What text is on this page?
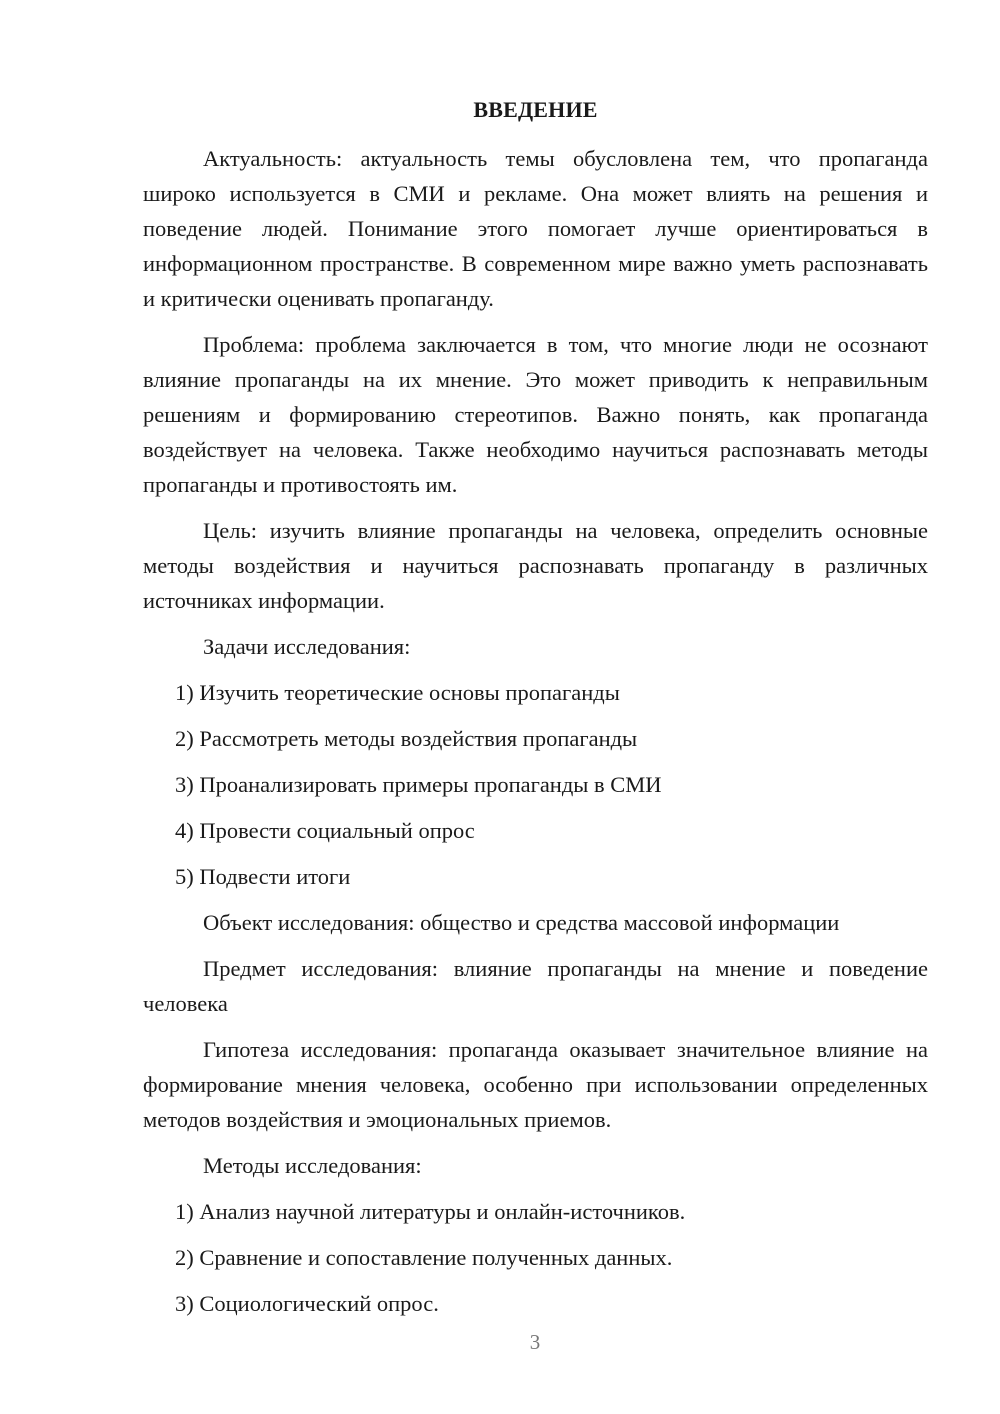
ВВЕДЕНИЕ

Актуальность: актуальность темы обусловлена тем, что пропаганда широко используется в СМИ и рекламе. Она может влиять на решения и поведение людей. Понимание этого помогает лучше ориентироваться в информационном пространстве. В современном мире важно уметь распознавать и критически оценивать пропаганду.

Проблема: проблема заключается в том, что многие люди не осознают влияние пропаганды на их мнение. Это может приводить к неправильным решениям и формированию стереотипов. Важно понять, как пропаганда воздействует на человека. Также необходимо научиться распознавать методы пропаганды и противостоять им.

Цель: изучить влияние пропаганды на человека, определить основные методы воздействия и научиться распознавать пропаганду в различных источниках информации.

Задачи исследования:

1) Изучить теоретические основы пропаганды

2) Рассмотреть методы воздействия пропаганды

3) Проанализировать примеры пропаганды в СМИ

4) Провести социальный опрос

5) Подвести итоги

Объект исследования: общество и средства массовой информации

Предмет исследования: влияние пропаганды на мнение и поведение человека

Гипотеза исследования: пропаганда оказывает значительное влияние на формирование мнения человека, особенно при использовании определенных методов воздействия и эмоциональных приемов.

Методы исследования:

1) Анализ научной литературы и онлайн-источников.

2) Сравнение и сопоставление полученных данных.

3) Социологический опрос.

3
